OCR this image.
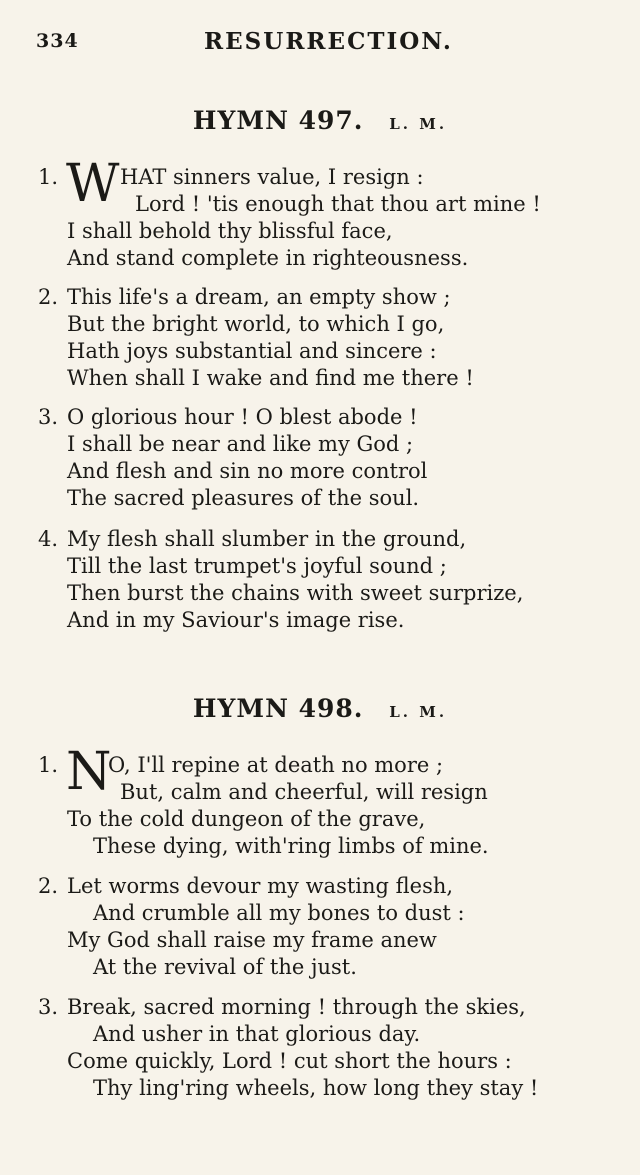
334	RESURRECTION.
HYMN 497. L. M.
1. W HAT sinners value, I resign :
Lord ! 'tis enough that thou art mine !
I shall behold thy blissful face,
And stand complete in righteousness.
2. This life's a dream, an empty show ;
But the bright world, to which I go,
Hath joys substantial and sincere :
When shall I wake and find me there !
3. O glorious hour ! O blest abode !
I shall be near and like my God ;
And flesh and sin no more control
The sacred pleasures of the soul.
4. My flesh shall slumber in the ground,
Till the last trumpet's joyful sound ;
Then burst the chains with sweet surprize,
And in my Saviour's image rise.
HYMN 498. L. M.
1. N
O, I'll repine at death no more ;
But, calm and cheerful, will resign
To the cold dungeon of the grave,
These dying, with'ring limbs of mine.
2. Let worms devour my wasting flesh,
And crumble all my bones to dust :
My God shall raise my frame anew
At the revival of the just.
3. Break, sacred morning ! through the skies,
And usher in that glorious day.
Come quickly, Lord ! cut short the hours :
Thy ling'ring wheels, how long they stay !
